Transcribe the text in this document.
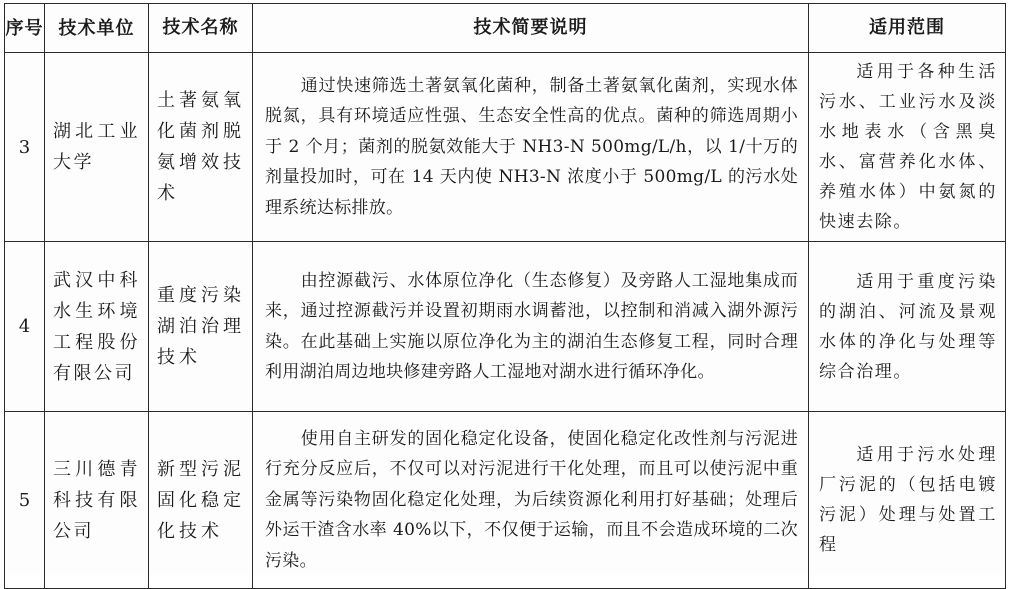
序号	技术单位	技术名称	技术简要说明	适用范围
3	湖北工业大学	土著氨氧化菌剂脱氨增效技术	通过快速筛选土著氨氧化菌种，制备土著氨氧化菌剂，实现水体脱氮，具有环境适应性强、生态安全性高的优点。菌种的筛选周期小于 2 个月；菌剂的脱氨效能大于 NH3-N 500mg/L/h，以 1/十万的剂量投加时，可在 14 天内使 NH3-N 浓度小于 500mg/L 的污水处理系统达标排放。	适用于各种生活污水、工业污水及淡水地表水（含黑臭水、富营养化水体、养殖水体）中氨氮的快速去除。
4	武汉中科水生环境工程股份有限公司	重度污染湖泊治理技术	由控源截污、水体原位净化（生态修复）及旁路人工湿地集成而来，通过控源截污并设置初期雨水调蓄池，以控制和消减入湖外源污染。在此基础上实施以原位净化为主的湖泊生态修复工程，同时合理利用湖泊周边地块修建旁路人工湿地对湖水进行循环净化。	适用于重度污染的湖泊、河流及景观水体的净化与处理等综合治理。
5	三川德青科技有限公司	新型污泥固化稳定化技术	使用自主研发的固化稳定化设备，使固化稳定化改性剂与污泥进行充分反应后，不仅可以对污泥进行干化处理，而且可以使污泥中重金属等污染物固化稳定化处理，为后续资源化利用打好基础；处理后外运干渣含水率 40%以下，不仅便于运输，而且不会造成环境的二次污染。	适用于污水处理厂污泥的（包括电镀污泥）处理与处置工程
